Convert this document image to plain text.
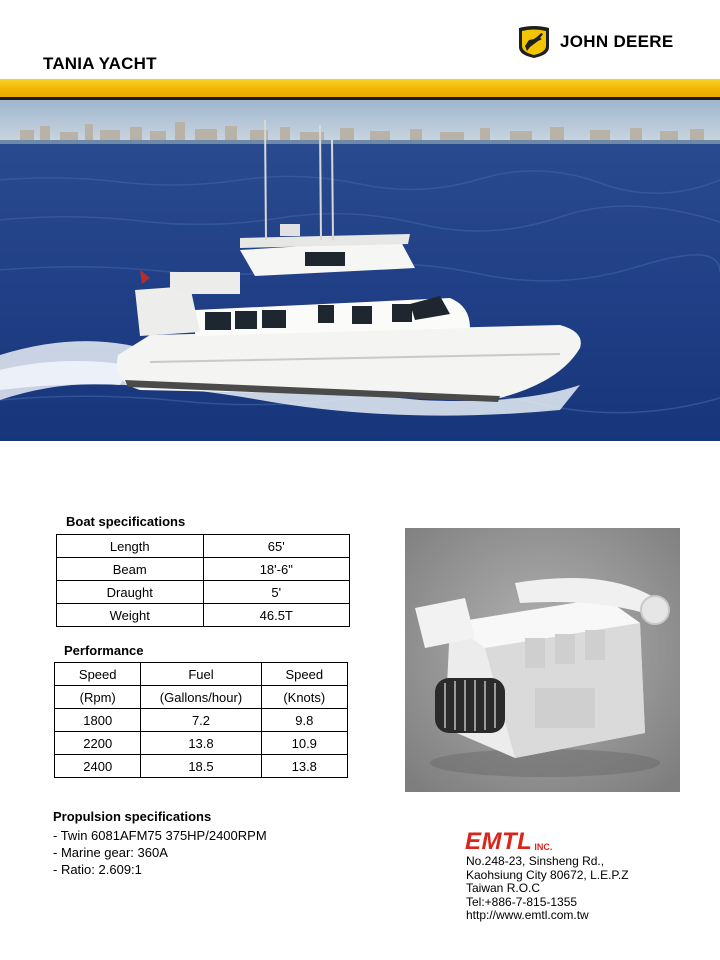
TANIA YACHT
JOHN DEERE
Boat specifications
Length	65'
Beam	18'-6"
Draught	5'
Weight	46.5T
Performance
Speed	Fuel	Speed
(Rpm)	(Gallons/hour)	(Knots)
1800	7.2	9.8
2200	13.8	10.9
2400	18.5	13.8
Propulsion specifications
- Twin 6081AFM75 375HP/2400RPM
- Marine gear: 360A
- Ratio: 2.609:1
EMTL INC.
No.248-23, Sinsheng Rd.,
Kaohsiung City 80672, L.E.P.Z
Taiwan R.O.C
Tel:+886-7-815-1355
http://www.emtl.com.tw
